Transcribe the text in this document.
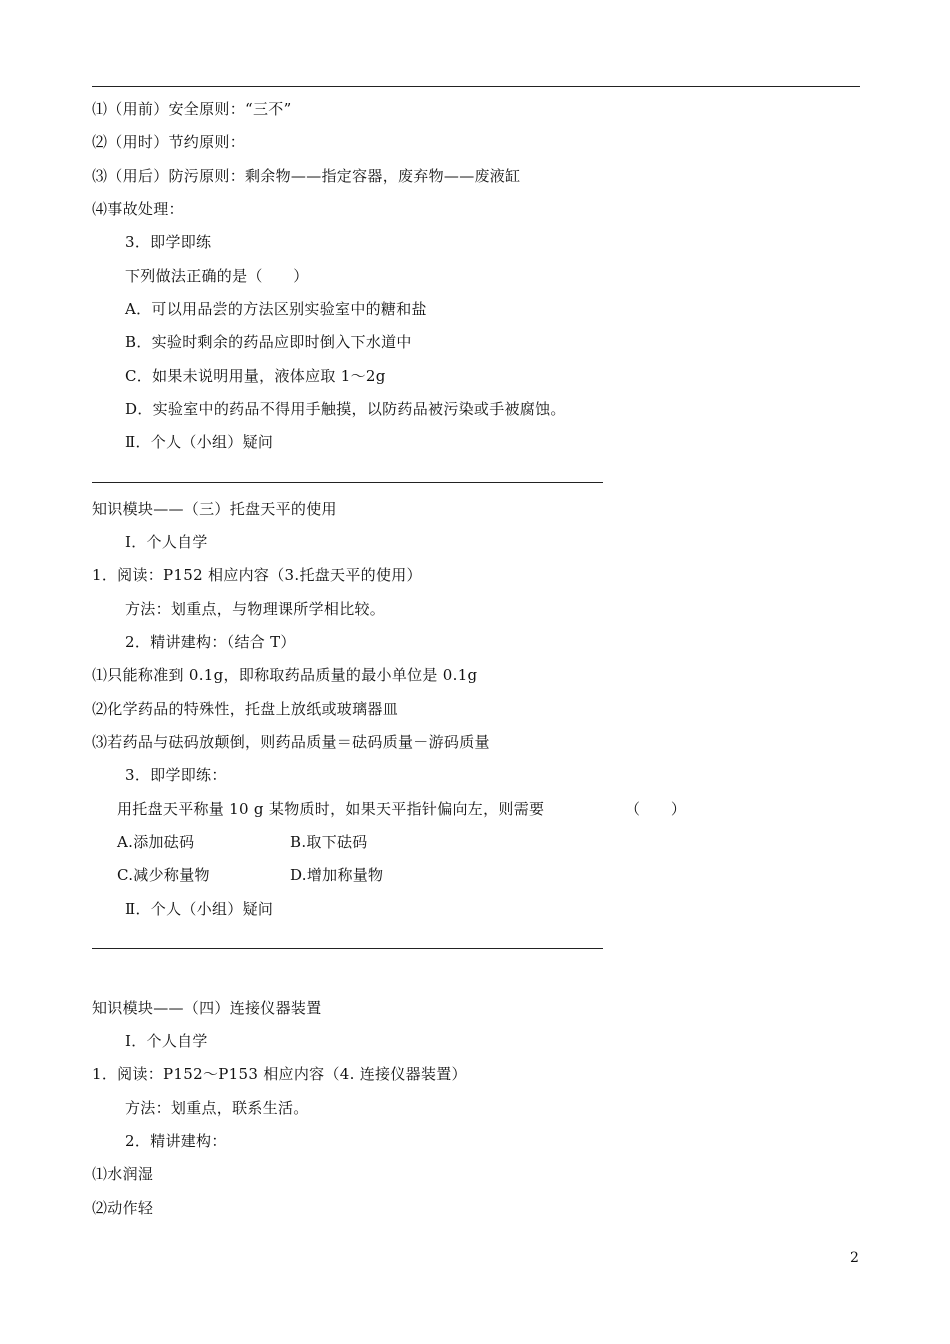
⑴（用前）安全原则：“三不”
⑵（用时）节约原则：
⑶（用后）防污原则：剩余物——指定容器，废弃物——废液缸
⑷事故处理：
3．即学即练
下列做法正确的是（　　）
A．可以用品尝的方法区别实验室中的糖和盐
B．实验时剩余的药品应即时倒入下水道中
C．如果未说明用量，液体应取 1～2g
D．实验室中的药品不得用手触摸，以防药品被污染或手被腐蚀。
Ⅱ．个人（小组）疑问
知识模块——（三）托盘天平的使用
Ⅰ．个人自学
1．阅读：P152 相应内容（3.托盘天平的使用）
方法：划重点，与物理课所学相比较。
2．精讲建构：（结合 T）
⑴只能称准到 0.1g，即称取药品质量的最小单位是 0.1g
⑵化学药品的特殊性，托盘上放纸或玻璃器皿
⑶若药品与砝码放颠倒，则药品质量＝砝码质量－游码质量
3．即学即练：
用托盘天平称量 10 g 某物质时，如果天平指针偏向左，则需要	（　　）
A.添加砝码	B.取下砝码
C.减少称量物	D.增加称量物
Ⅱ．个人（小组）疑问
知识模块——（四）连接仪器装置
Ⅰ．个人自学
1．阅读：P152～P153 相应内容（4. 连接仪器装置）
方法：划重点，联系生活。
2．精讲建构：
⑴水润湿
⑵动作轻
2
